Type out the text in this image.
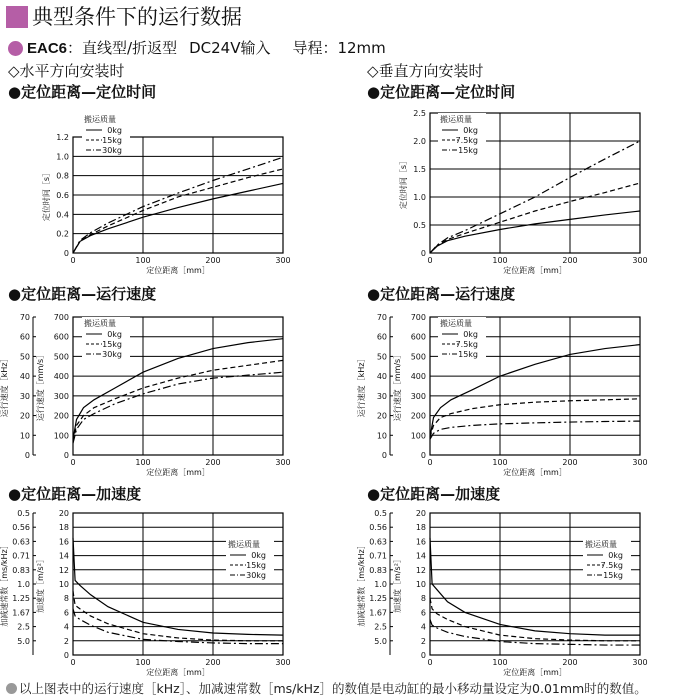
典型条件下的运行数据
EAC6：直线型/折返型 DC24V输入 导程：12mm
◇水平方向安装时	◇垂直方向安装时
●定位距离—定位时间	●定位距离—定位时间
●定位距离—运行速度	●定位距离—运行速度
●定位距离—加速度	●定位距离—加速度
0	100	200	300
0
0.2
0.4
0.6
0.8
1.0
1.2
定位距离［mm］
定位时间［s］
搬运质量
0kg
15kg
30kg
0	100	200	300
0
0.5
1.0
1.5
2.0
2.5
定位距离［mm］
定位时间［s］
搬运质量
0kg
7.5kg
15kg
0	100	200	300
0
100
200
300
400
500
600
700
0
10
20
30
40
50
60
70
运行速度［kHz］
定位距离［mm］
运行速度［mm/s］
搬运质量
0kg
15kg
30kg
0	100	200	300
0
100
200
300
400
500
600
700
0
10
20
30
40
50
60
70
运行速度［kHz］
定位距离［mm］
运行速度［mm/s］
搬运质量
0kg
7.5kg
15kg
0	100	200	300
0
2
4
6
8
10
12
14
16
18
20
0.5
0.56
0.63
0.71
0.83
1.0
1.25
1.67
2.5
5.0
加减速常数［ms/kHz］
定位距离［mm］
加速度［m/s²］
搬运质量
0kg
15kg
30kg
0	100	200	300
0
2
4
6
8
10
12
14
16
18
20
0.5
0.56
0.63
0.71
0.83
1.0
1.25
1.67
2.5
5.0
加减速常数［ms/kHz］
定位距离［mm］
加速度［m/s²］
搬运质量
0kg
7.5kg
15kg
以上图表中的运行速度［kHz］、加减速常数［ms/kHz］的数值是电动缸的最小移动量设定为0.01mm时的数值。
